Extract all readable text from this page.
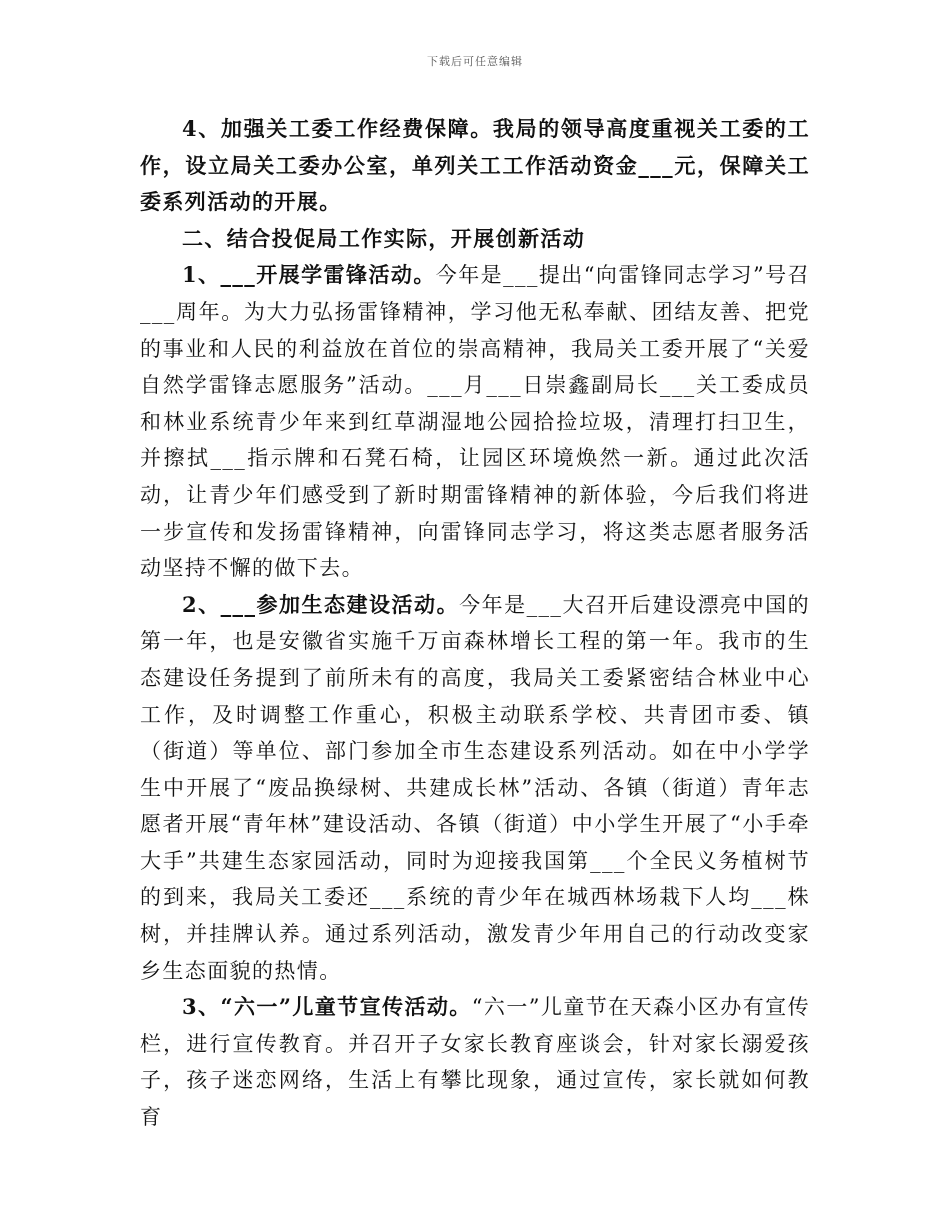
下载后可任意编辑

4、加强关工委工作经费保障。我局的领导高度重视关工委的工作，设立局关工委办公室，单列关工工作活动资金___元，保障关工委系列活动的开展。

二、结合投促局工作实际，开展创新活动

1、___开展学雷锋活动。今年是___提出“向雷锋同志学习”号召___周年。为大力弘扬雷锋精神，学习他无私奉献、团结友善、把党的事业和人民的利益放在首位的崇高精神，我局关工委开展了“关爱自然学雷锋志愿服务”活动。___月___日崇鑫副局长___关工委成员和林业系统青少年来到红草湖湿地公园拾捡垃圾，清理打扫卫生，并擦拭___指示牌和石凳石椅，让园区环境焕然一新。通过此次活动，让青少年们感受到了新时期雷锋精神的新体验，今后我们将进一步宣传和发扬雷锋精神，向雷锋同志学习，将这类志愿者服务活动坚持不懈的做下去。

2、___参加生态建设活动。今年是___大召开后建设漂亮中国的第一年，也是安徽省实施千万亩森林增长工程的第一年。我市的生态建设任务提到了前所未有的高度，我局关工委紧密结合林业中心工作，及时调整工作重心，积极主动联系学校、共青团市委、镇（街道）等单位、部门参加全市生态建设系列活动。如在中小学学生中开展了“废品换绿树、共建成长林”活动、各镇（街道）青年志愿者开展“青年林”建设活动、各镇（街道）中小学生开展了“小手牵大手”共建生态家园活动，同时为迎接我国第___个全民义务植树节的到来，我局关工委还___系统的青少年在城西林场栽下人均___株树，并挂牌认养。通过系列活动，激发青少年用自己的行动改变家乡生态面貌的热情。

3、“六一”儿童节宣传活动。“六一”儿童节在天森小区办有宣传栏，进行宣传教育。并召开子女家长教育座谈会，针对家长溺爱孩子，孩子迷恋网络，生活上有攀比现象，通过宣传，家长就如何教育
